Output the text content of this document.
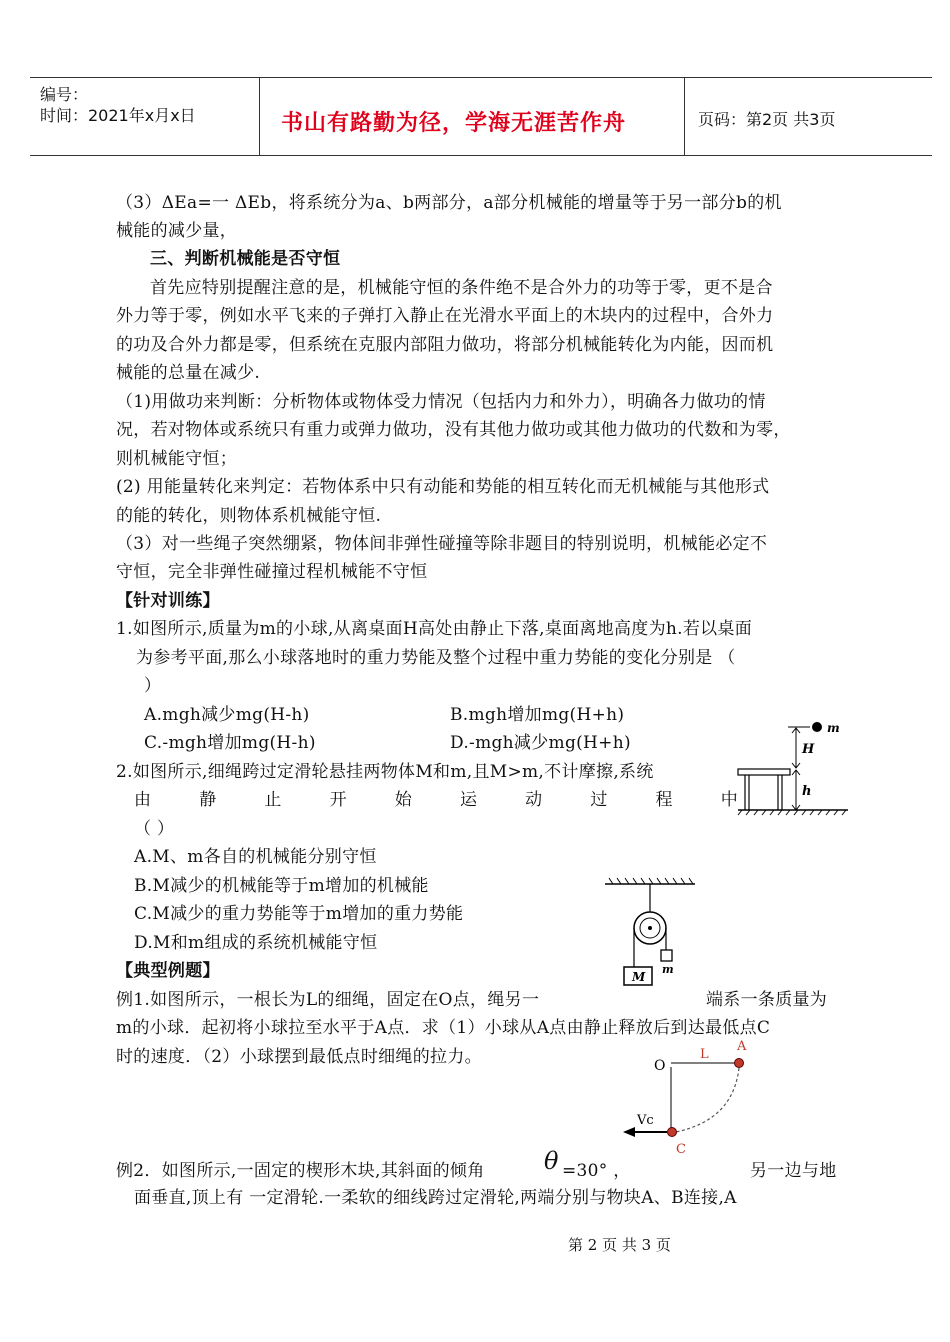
编号：
时间：2021年x月x日	书山有路勤为径，学海无涯苦作舟	页码：第2页 共3页
（3）ΔEa=一 ΔEb，将系统分为a、b两部分，a部分机械能的增量等于另一部分b的机
械能的减少量，
三、判断机械能是否守恒
首先应特别提醒注意的是，机械能守恒的条件绝不是合外力的功等于零，更不是合
外力等于零，例如水平飞来的子弹打入静止在光滑水平面上的木块内的过程中，合外力
的功及合外力都是零，但系统在克服内部阻力做功，将部分机械能转化为内能，因而机
械能的总量在减少.
（1)用做功来判断：分析物体或物体受力情况（包括内力和外力），明确各力做功的情
况，若对物体或系统只有重力或弹力做功，没有其他力做功或其他力做功的代数和为零，
则机械能守恒；
(2) 用能量转化来判定：若物体系中只有动能和势能的相互转化而无机械能与其他形式
的能的转化，则物体系机械能守恒.
（3）对一些绳子突然绷紧，物体间非弹性碰撞等除非题目的特别说明，机械能必定不
守恒，完全非弹性碰撞过程机械能不守恒
【针对训练】
1.如图所示,质量为m的小球,从离桌面H高处由静止下落,桌面离地高度为h.若以桌面
为参考平面,那么小球落地时的重力势能及整个过程中重力势能的变化分别是 （
）
A.mgh减少mg(H-h)	B.mgh增加mg(H+h)
C.-mgh增加mg(H-h)	D.-mgh减少mg(H+h)
2.如图所示,细绳跨过定滑轮悬挂两物体M和m,且M>m,不计摩擦,系统
由	静	止	开	始	运	动	过	程	中
（ ）
A.M、m各自的机械能分别守恒
B.M减少的机械能等于m增加的机械能
C.M减少的重力势能等于m增加的重力势能
D.M和m组成的系统机械能守恒
【典型例题】
例1.如图所示，一根长为L的细绳，固定在O点，绳另一	端系一条质量为
m的小球．起初将小球拉至水平于A点．求（1）小球从A点由静止释放后到达最低点C
时的速度．（2）小球摆到最低点时细绳的拉力。
例2．如图所示,一固定的楔形木块,其斜面的倾角 θ =30° ，	另一边与地
面垂直,顶上有 一定滑轮.一柔软的细线跨过定滑轮,两端分别与物块A、B连接,A
m
H
h
M
m
O
L
A
Vc
C
第 2 页 共 3 页
